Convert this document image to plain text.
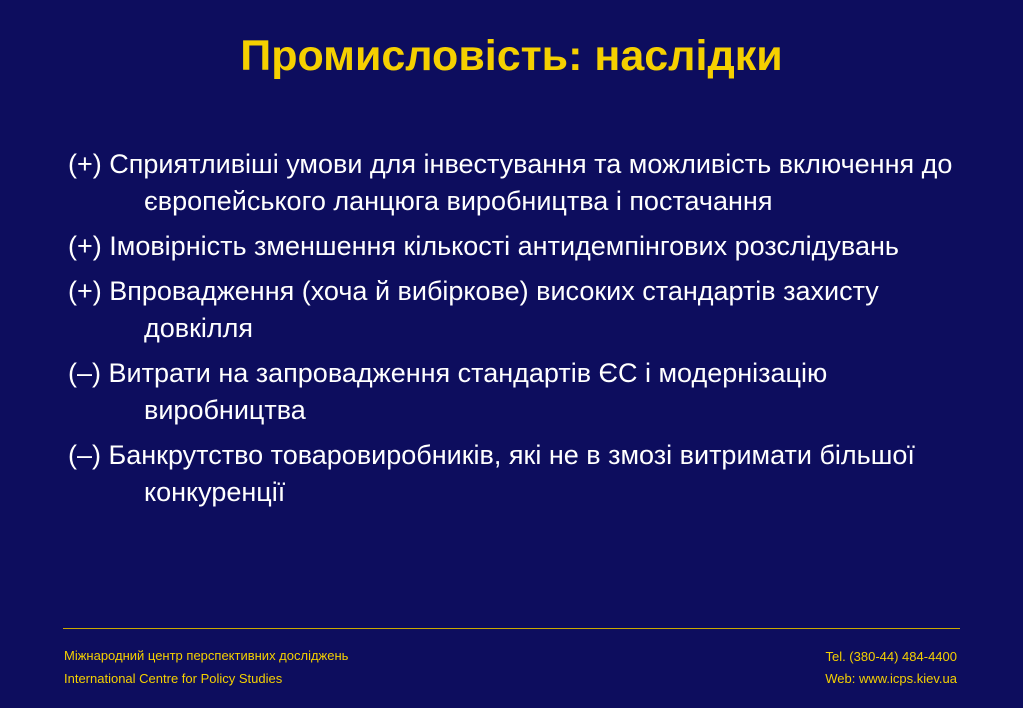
Промисловість: наслідки
(+) Сприятливіші умови для інвестування та можливість включення до європейського ланцюга виробництва і постачання
(+) Імовірність зменшення кількості антидемпінгових розслідувань
(+) Впровадження (хоча й вибіркове) високих стандартів захисту довкілля
(–) Витрати на запровадження стандартів ЄС і модернізацію виробництва
(–) Банкрутство товаровиробників, які не в змозі витримати більшої конкуренції
Міжнародний центр перспективних досліджень
International Centre for Policy Studies
Tel. (380-44) 484-4400
Web: www.icps.kiev.ua
